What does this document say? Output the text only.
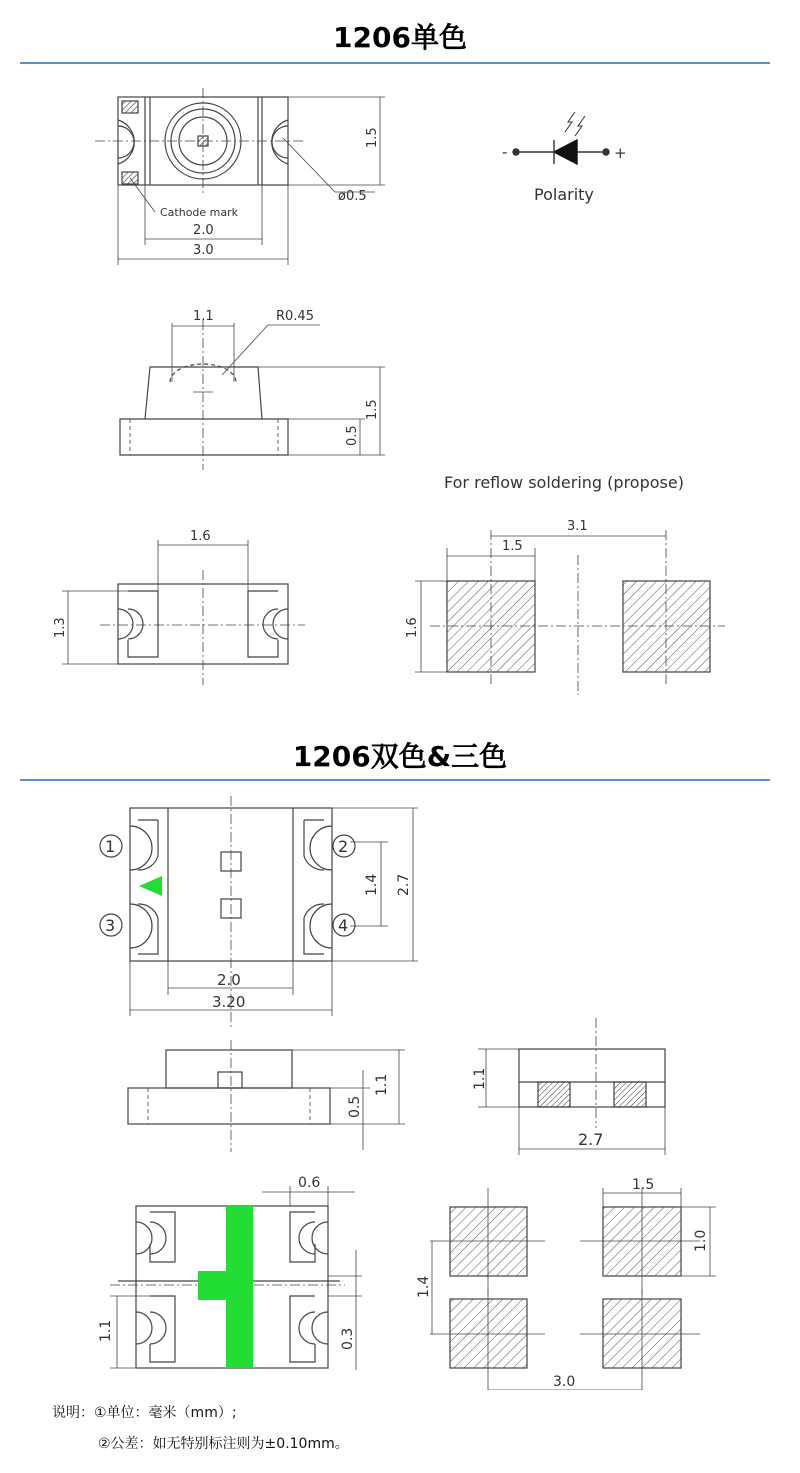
1206单色
Cathode mark
2.0
3.0
1.5
ø0.5
-	+
Polarity
1.1	R0.45
1.5
0.5
For reflow soldering (propose)
1.6
1.3
3.1
1.5
1.6
1206双色&三色
1
3
2
4
1.4 2.7
2.0
3.20
0.5
1.1	1.1
2.7
0.6
1.1	0.3
1.5
1.0
1.4
3.0
说明：①单位：毫米（mm）;
②公差：如无特别标注则为±0.10mm。
